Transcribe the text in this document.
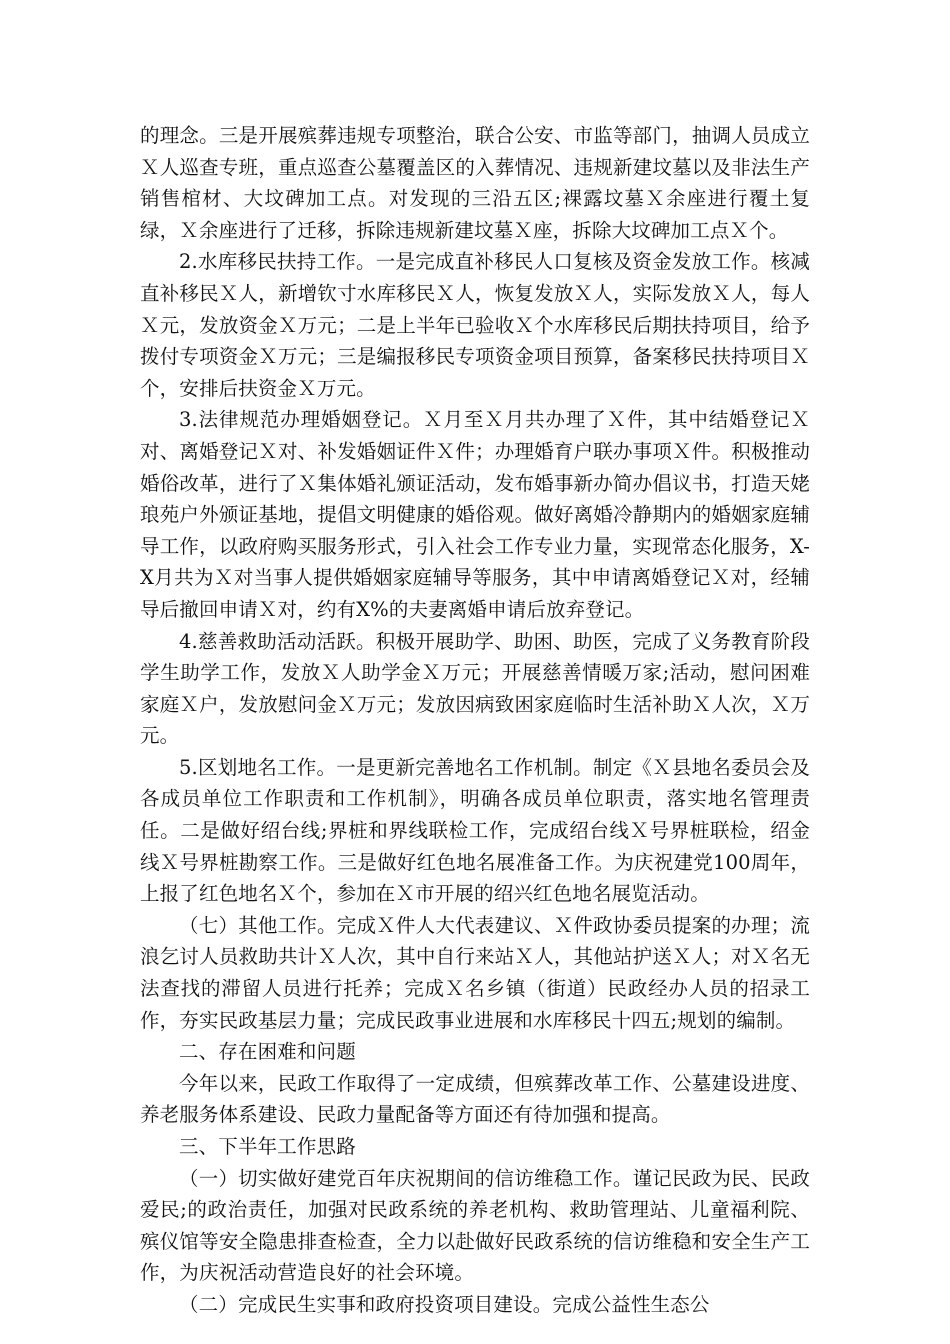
的理念。三是开展殡葬违规专项整治，联合公安、市监等部门，抽调人员成立Ｘ人巡查专班，重点巡查公墓覆盖区的入葬情况、违规新建坟墓以及非法生产销售棺材、大坟碑加工点。对发现的三沿五区;裸露坟墓Ｘ余座进行覆土复绿，Ｘ余座进行了迁移，拆除违规新建坟墓Ｘ座，拆除大坟碑加工点Ｘ个。

2.水库移民扶持工作。一是完成直补移民人口复核及资金发放工作。核减直补移民Ｘ人，新增钦寸水库移民Ｘ人，恢复发放Ｘ人，实际发放Ｘ人，每人Ｘ元，发放资金Ｘ万元；二是上半年已验收Ｘ个水库移民后期扶持项目，给予拨付专项资金Ｘ万元；三是编报移民专项资金项目预算，备案移民扶持项目Ｘ个，安排后扶资金Ｘ万元。

3.法律规范办理婚姻登记。Ｘ月至Ｘ月共办理了Ｘ件，其中结婚登记Ｘ对、离婚登记Ｘ对、补发婚姻证件Ｘ件；办理婚育户联办事项Ｘ件。积极推动婚俗改革，进行了Ｘ集体婚礼颁证活动，发布婚事新办简办倡议书，打造天姥琅苑户外颁证基地，提倡文明健康的婚俗观。做好离婚冷静期内的婚姻家庭辅导工作，以政府购买服务形式，引入社会工作专业力量，实现常态化服务，X-X月共为Ｘ对当事人提供婚姻家庭辅导等服务，其中申请离婚登记Ｘ对，经辅导后撤回申请Ｘ对，约有X%的夫妻离婚申请后放弃登记。

4.慈善救助活动活跃。积极开展助学、助困、助医，完成了义务教育阶段学生助学工作，发放Ｘ人助学金Ｘ万元；开展慈善情暖万家;活动，慰问困难家庭Ｘ户，发放慰问金Ｘ万元；发放因病致困家庭临时生活补助Ｘ人次，Ｘ万元。

5.区划地名工作。一是更新完善地名工作机制。制定《Ｘ县地名委员会及各成员单位工作职责和工作机制》，明确各成员单位职责，落实地名管理责任。二是做好绍台线;界桩和界线联检工作，完成绍台线Ｘ号界桩联检，绍金线Ｘ号界桩勘察工作。三是做好红色地名展准备工作。为庆祝建党100周年，上报了红色地名Ｘ个，参加在Ｘ市开展的绍兴红色地名展览活动。

（七）其他工作。完成Ｘ件人大代表建议、Ｘ件政协委员提案的办理；流浪乞讨人员救助共计Ｘ人次，其中自行来站Ｘ人，其他站护送Ｘ人；对Ｘ名无法查找的滞留人员进行托养；完成Ｘ名乡镇（街道）民政经办人员的招录工作，夯实民政基层力量；完成民政事业进展和水库移民十四五;规划的编制。

二、存在困难和问题

今年以来，民政工作取得了一定成绩，但殡葬改革工作、公墓建设进度、养老服务体系建设、民政力量配备等方面还有待加强和提高。

三、下半年工作思路

（一）切实做好建党百年庆祝期间的信访维稳工作。谨记民政为民、民政爱民;的政治责任，加强对民政系统的养老机构、救助管理站、儿童福利院、殡仪馆等安全隐患排查检查，全力以赴做好民政系统的信访维稳和安全生产工作，为庆祝活动营造良好的社会环境。

（二）完成民生实事和政府投资项目建设。完成公益性生态公
